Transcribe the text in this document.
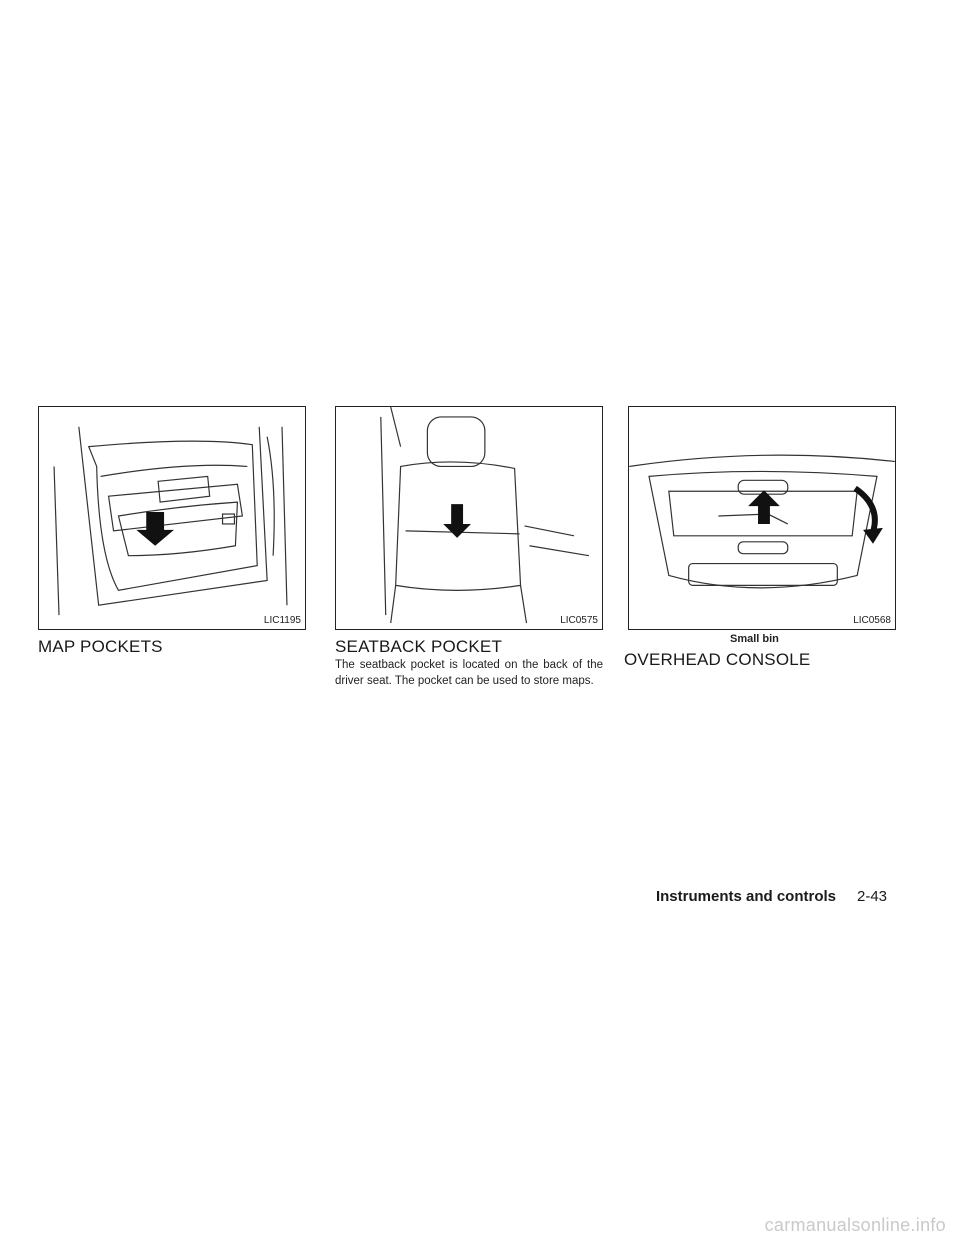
LIC1195	LIC0575	LIC0568
Small bin
MAP POCKETS	SEATBACK POCKET
The seatback pocket is located on the back of the driver seat. The pocket can be used to store maps.
OVERHEAD CONSOLE
Instruments and controls 2-43
carmanualsonline.info
